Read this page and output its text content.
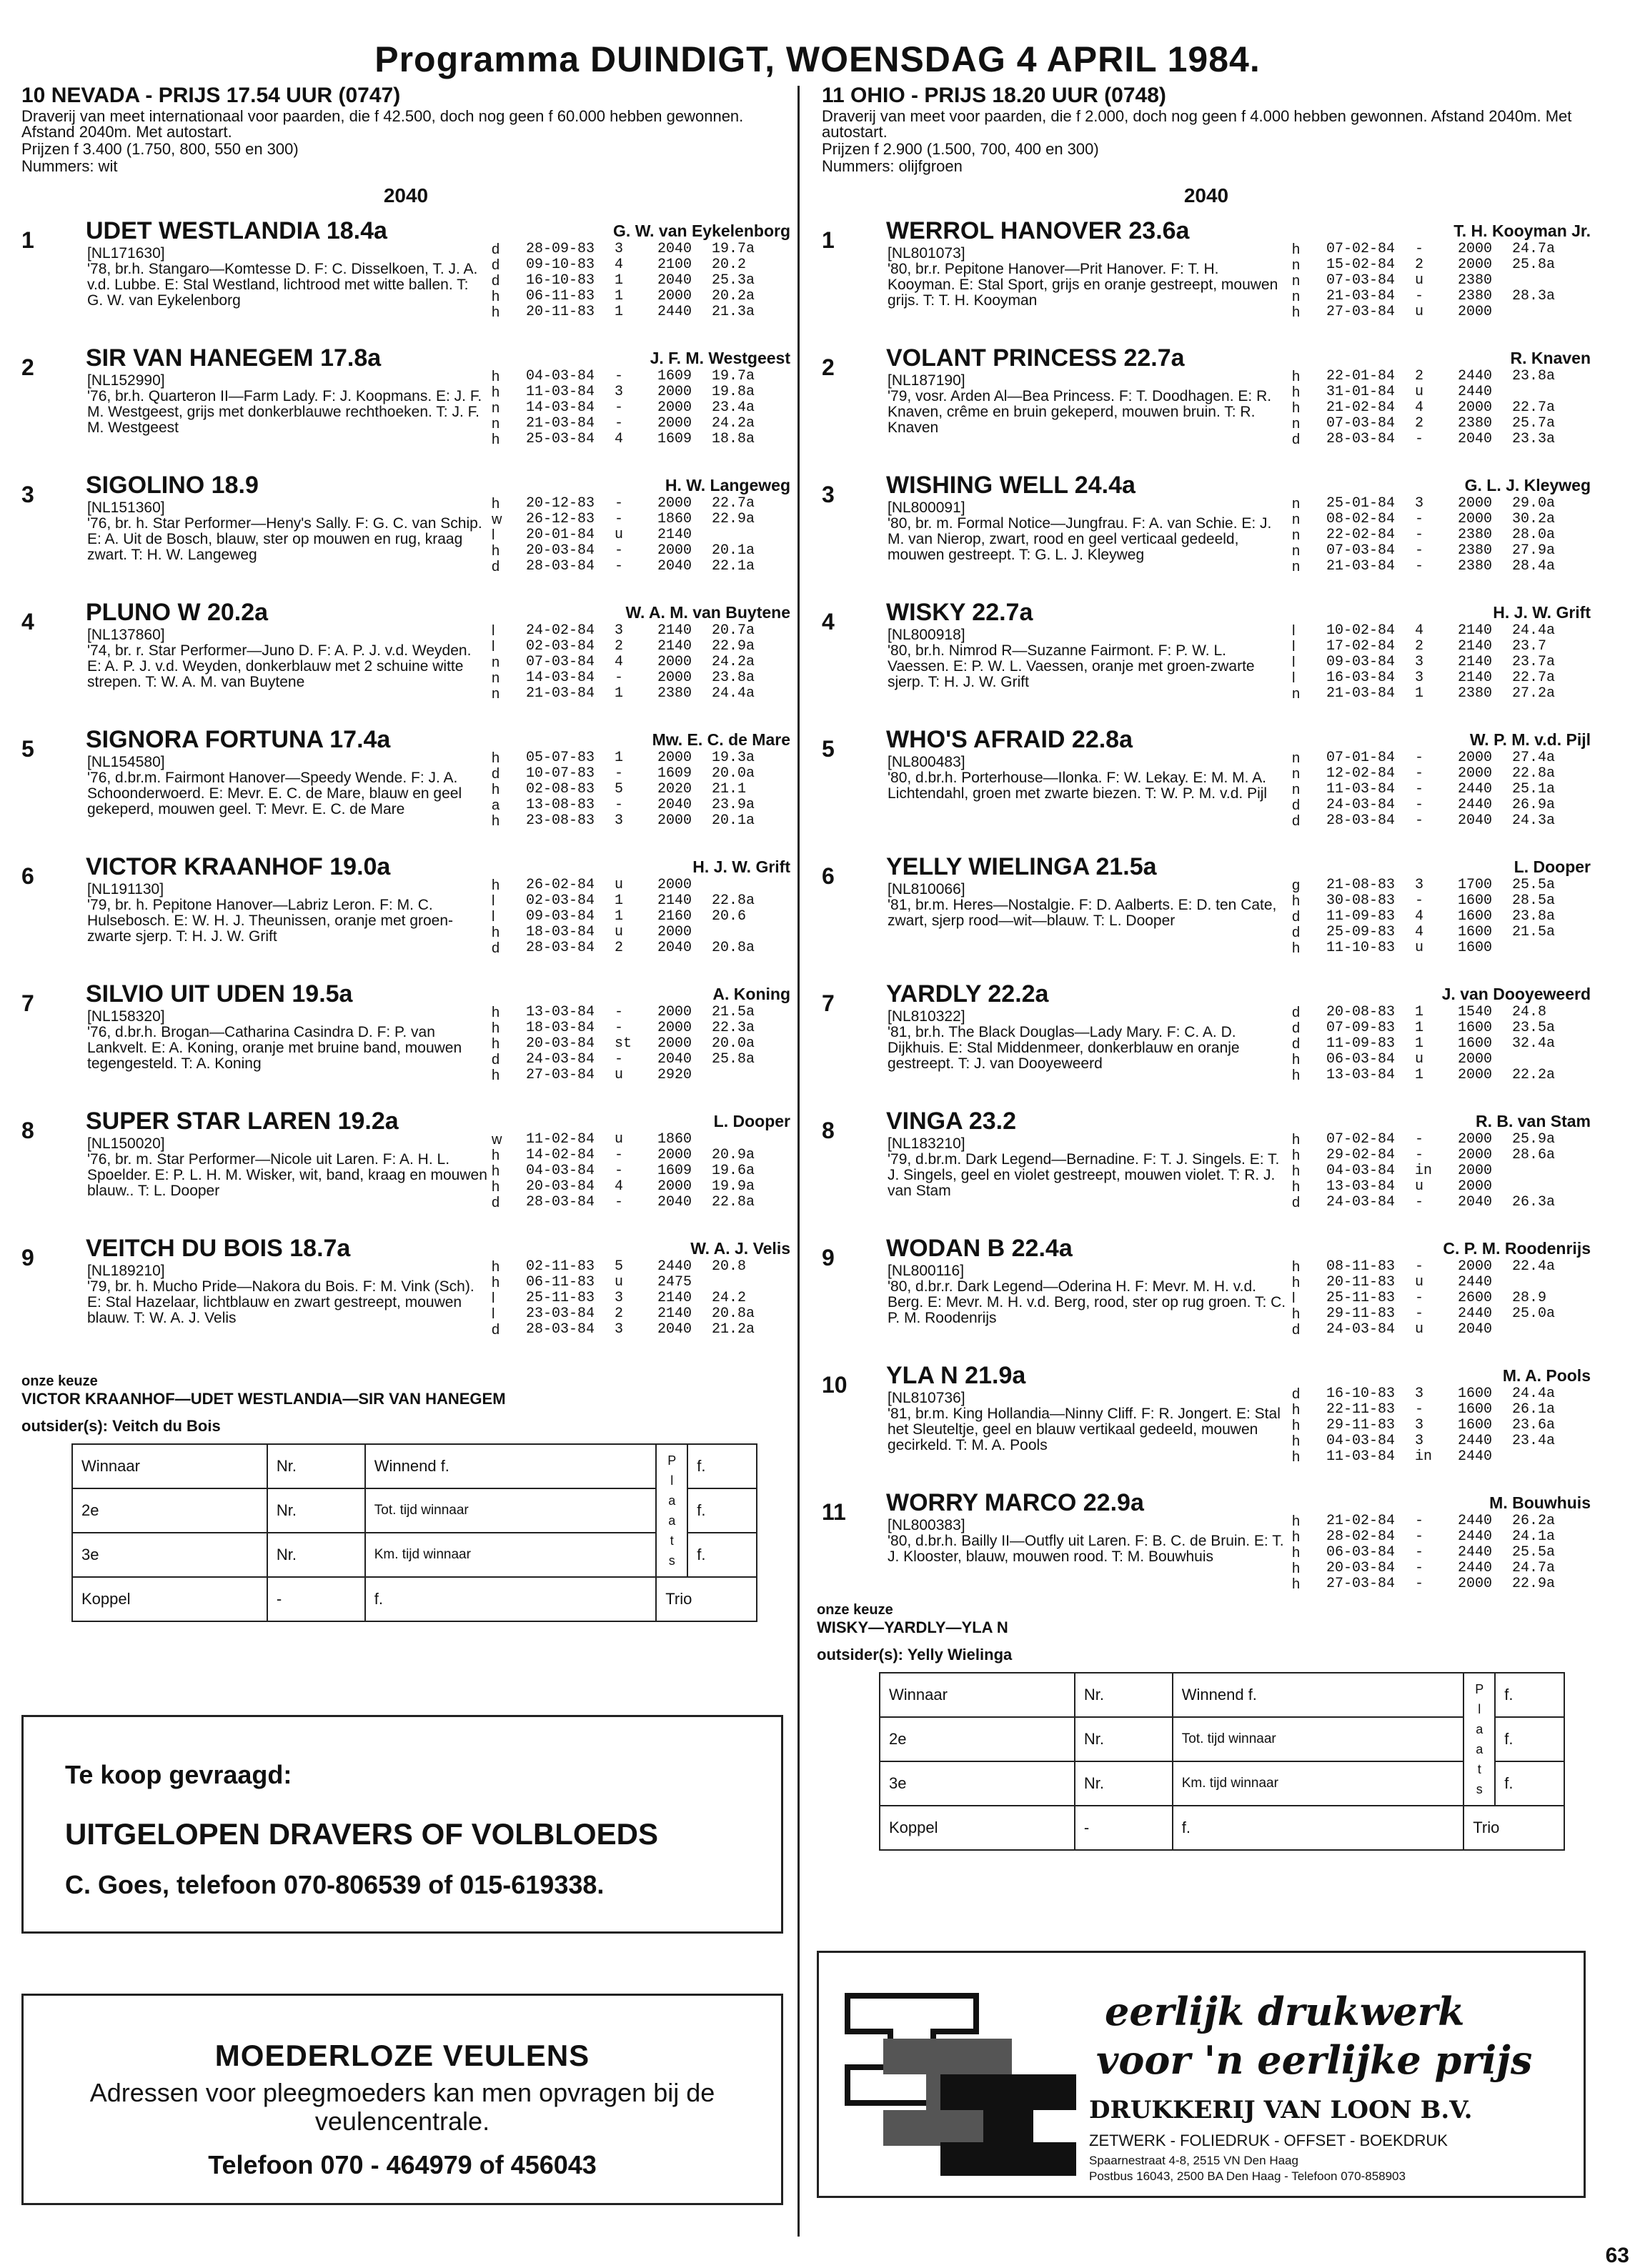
Programma DUINDIGT, WOENSDAG 4 APRIL 1984.
10 NEVADA - PRIJS 17.54 UUR (0747)
Draverij van meet internationaal voor paarden, die f 42.500, doch nog geen f 60.000 hebben gewonnen. Afstand 2040m. Met autostart.
Prijzen f 3.400 (1.750, 800, 550 en 300)
Nummers: wit
2040
1	UDET WESTLANDIA 18.4a	G. W. van Eykelenborg
[NL171630]
'78, br.h. Stangaro—Komtesse D. F: C. Disselkoen, T. J. A. v.d. Lubbe. E: Stal Westland, lichtrood met witte ballen. T: G. W. van Eykelenborg
d	28-09-83	3	2040	19.7a
d	09-10-83	4	2100	20.2
d	16-10-83	1	2040	25.3a
h	06-11-83	1	2000	20.2a
h	20-11-83	1	2440	21.3a
2	SIR VAN HANEGEM 17.8a	J. F. M. Westgeest
[NL152990]
'76, br.h. Quarteron II—Farm Lady. F: J. Koopmans. E: J. F. M. Westgeest, grijs met donkerblauwe rechthoeken. T: J. F. M. Westgeest
h	04-03-84	-	1609	19.7a
h	11-03-84	3	2000	19.8a
n	14-03-84	-	2000	23.4a
n	21-03-84	-	2000	24.2a
h	25-03-84	4	1609	18.8a
3	SIGOLINO 18.9	H. W. Langeweg
[NL151360]
'76, br. h. Star Performer—Heny's Sally. F: G. C. van Schip. E: A. Uit de Bosch, blauw, ster op mouwen en rug, kraag zwart. T: H. W. Langeweg
h	20-12-83	-	2000	22.7a
w	26-12-83	-	1860	22.9a
l	20-01-84	u	2140
h	20-03-84	-	2000	20.1a
d	28-03-84	-	2040	22.1a
4	PLUNO W 20.2a	W. A. M. van Buytene
[NL137860]
'74, br. r. Star Performer—Juno D. F: A. P. J. v.d. Weyden. E: A. P. J. v.d. Weyden, donkerblauw met 2 schuine witte strepen. T: W. A. M. van Buytene
l	24-02-84	3	2140	20.7a
l	02-03-84	2	2140	22.9a
n	07-03-84	4	2000	24.2a
n	14-03-84	-	2000	23.8a
n	21-03-84	1	2380	24.4a
5	SIGNORA FORTUNA 17.4a	Mw. E. C. de Mare
[NL154580]
'76, d.br.m. Fairmont Hanover—Speedy Wende. F: J. A. Schoonderwoerd. E: Mevr. E. C. de Mare, blauw en geel gekeperd, mouwen geel. T: Mevr. E. C. de Mare
h	05-07-83	1	2000	19.3a
d	10-07-83	-	1609	20.0a
h	02-08-83	5	2020	21.1
a	13-08-83	-	2040	23.9a
h	23-08-83	3	2000	20.1a
6	VICTOR KRAANHOF 19.0a	H. J. W. Grift
[NL191130]
'79, br. h. Pepitone Hanover—Labriz Leron. F: M. C. Hulsebosch. E: W. H. J. Theunissen, oranje met groen-zwarte sjerp. T: H. J. W. Grift
h	26-02-84	u	2000
l	02-03-84	1	2140	22.8a
l	09-03-84	1	2160	20.6
h	18-03-84	u	2000
d	28-03-84	2	2040	20.8a
7	SILVIO UIT UDEN 19.5a	A. Koning
[NL158320]
'76, d.br.h. Brogan—Catharina Casindra D. F: P. van Lankvelt. E: A. Koning, oranje met bruine band, mouwen tegengesteld. T: A. Koning
h	13-03-84	-	2000	21.5a
h	18-03-84	-	2000	22.3a
h	20-03-84	st	2000	20.0a
d	24-03-84	-	2040	25.8a
h	27-03-84	u	2920
8	SUPER STAR LAREN 19.2a	L. Dooper
[NL150020]
'76, br. m. Star Performer—Nicole uit Laren. F: A. H. L. Spoelder. E: P. L. H. M. Wisker, wit, band, kraag en mouwen blauw.. T: L. Dooper
w	11-02-84	u	1860
h	14-02-84	-	2000	20.9a
h	04-03-84	-	1609	19.6a
h	20-03-84	4	2000	19.9a
d	28-03-84	-	2040	22.8a
9	VEITCH DU BOIS 18.7a	W. A. J. Velis
[NL189210]
'79, br. h. Mucho Pride—Nakora du Bois. F: M. Vink (Sch). E: Stal Hazelaar, lichtblauw en zwart gestreept, mouwen blauw. T: W. A. J. Velis
h	02-11-83	5	2440	20.8
h	06-11-83	u	2475
l	25-11-83	3	2140	24.2
l	23-03-84	2	2140	20.8a
d	28-03-84	3	2040	21.2a
11 OHIO - PRIJS 18.20 UUR (0748)
Draverij van meet voor paarden, die f 2.000, doch nog geen f 4.000 hebben gewonnen. Afstand 2040m. Met autostart.
Prijzen f 2.900 (1.500, 700, 400 en 300)
Nummers: olijfgroen
2040
1	WERROL HANOVER 23.6a	T. H. Kooyman Jr.
[NL801073]
'80, br.r. Pepitone Hanover—Prit Hanover. F: T. H. Kooyman. E: Stal Sport, grijs en oranje gestreept, mouwen grijs. T: T. H. Kooyman
h	07-02-84	-	2000	24.7a
n	15-02-84	2	2000	25.8a
n	07-03-84	u	2380
n	21-03-84	-	2380	28.3a
h	27-03-84	u	2000
2	VOLANT PRINCESS 22.7a	R. Knaven
[NL187190]
'79, vosr. Arden Al—Bea Princess. F: T. Doodhagen. E: R. Knaven, crême en bruin gekeperd, mouwen bruin. T: R. Knaven
h	22-01-84	2	2440	23.8a
h	31-01-84	u	2440
h	21-02-84	4	2000	22.7a
n	07-03-84	2	2380	25.7a
d	28-03-84	-	2040	23.3a
3	WISHING WELL 24.4a	G. L. J. Kleyweg
[NL800091]
'80, br. m. Formal Notice—Jungfrau. F: A. van Schie. E: J. M. van Nierop, zwart, rood en geel verticaal gedeeld, mouwen gestreept. T: G. L. J. Kleyweg
n	25-01-84	3	2000	29.0a
n	08-02-84	-	2000	30.2a
n	22-02-84	-	2380	28.0a
n	07-03-84	-	2380	27.9a
n	21-03-84	-	2380	28.4a
4	WISKY 22.7a	H. J. W. Grift
[NL800918]
'80, br.h. Nimrod R—Suzanne Fairmont. F: P. W. L. Vaessen. E: P. W. L. Vaessen, oranje met groen-zwarte sjerp. T: H. J. W. Grift
l	10-02-84	4	2140	24.4a
l	17-02-84	2	2140	23.7
l	09-03-84	3	2140	23.7a
l	16-03-84	3	2140	22.7a
n	21-03-84	1	2380	27.2a
5	WHO'S AFRAID 22.8a	W. P. M. v.d. Pijl
[NL800483]
'80, d.br.h. Porterhouse—Ilonka. F: W. Lekay. E: M. M. A. Lichtendahl, groen met zwarte biezen. T: W. P. M. v.d. Pijl
n	07-01-84	-	2000	27.4a
n	12-02-84	-	2000	22.8a
n	11-03-84	-	2440	25.1a
d	24-03-84	-	2440	26.9a
d	28-03-84	-	2040	24.3a
6	YELLY WIELINGA 21.5a	L. Dooper
[NL810066]
'81, br.m. Heres—Nostalgie. F: D. Aalberts. E: D. ten Cate, zwart, sjerp rood—wit—blauw. T: L. Dooper
g	21-08-83	3	1700	25.5a
h	30-08-83	-	1600	28.5a
d	11-09-83	4	1600	23.8a
d	25-09-83	4	1600	21.5a
h	11-10-83	u	1600
7	YARDLY 22.2a	J. van Dooyeweerd
[NL810322]
'81, br.h. The Black Douglas—Lady Mary. F: C. A. D. Dijkhuis. E: Stal Middenmeer, donkerblauw en oranje gestreept. T: J. van Dooyeweerd
d	20-08-83	1	1540	24.8
d	07-09-83	1	1600	23.5a
d	11-09-83	1	1600	32.4a
h	06-03-84	u	2000
h	13-03-84	1	2000	22.2a
8	VINGA 23.2	R. B. van Stam
[NL183210]
'79, d.br.m. Dark Legend—Bernadine. F: T. J. Singels. E: T. J. Singels, geel en violet gestreept, mouwen violet. T: R. J. van Stam
h	07-02-84	-	2000	25.9a
h	29-02-84	-	2000	28.6a
h	04-03-84	in	2000
h	13-03-84	u	2000
d	24-03-84	-	2040	26.3a
9	WODAN B 22.4a	C. P. M. Roodenrijs
[NL800116]
'80, d.br.r. Dark Legend—Oderina H. F: Mevr. M. H. v.d. Berg. E: Mevr. M. H. v.d. Berg, rood, ster op rug groen. T: C. P. M. Roodenrijs
h	08-11-83	-	2000	22.4a
h	20-11-83	u	2440
l	25-11-83	-	2600	28.9
h	29-11-83	-	2440	25.0a
d	24-03-84	u	2040
10	YLA N 21.9a	M. A. Pools
[NL810736]
'81, br.m. King Hollandia—Ninny Cliff. F: R. Jongert. E: Stal het Sleuteltje, geel en blauw vertikaal gedeeld, mouwen gecirkeld. T: M. A. Pools
d	16-10-83	3	1600	24.4a
h	22-11-83	-	1600	26.1a
h	29-11-83	3	1600	23.6a
h	04-03-84	3	2440	23.4a
h	11-03-84	in	2440
11	WORRY MARCO 22.9a	M. Bouwhuis
[NL800383]
'80, d.br.h. Bailly II—Outfly uit Laren. F: B. C. de Bruin. E: T. J. Klooster, blauw, mouwen rood. T: M. Bouwhuis
h	21-02-84	-	2440	26.2a
h	28-02-84	-	2440	24.1a
h	06-03-84	-	2440	25.5a
h	20-03-84	-	2440	24.7a
h	27-03-84	-	2000	22.9a
Te koop gevraagd:
UITGELOPEN DRAVERS OF VOLBLOEDS
C. Goes, telefoon 070-806539 of 015-619338.
MOEDERLOZE VEULENS
Adressen voor pleegmoeders kan men opvragen bij de veulencentrale.
Telefoon 070 - 464979 of 456043
eerlijk drukwerk
voor 'n eerlijke prijs
DRUKKERIJ VAN LOON B.V.
ZETWERK - FOLIEDRUK - OFFSET - BOEKDRUK
Spaarnestraat 4-8, 2515 VN Den Haag
Postbus 16043, 2500 BA Den Haag - Telefoon 070-858903
63
onze keuze
VICTOR KRAANHOF—UDET WESTLANDIA—SIR VAN HANEGEM
outsider(s): Veitch du Bois
Winnaar	Nr.	Winnend f.	P l a a t s	f.
2e	Nr.	Tot. tijd winnaar		f.
3e	Nr.	Km. tijd winnaar		f.
Koppel	-	f.	Trio	
onze keuze
WISKY—YARDLY—YLA N
outsider(s): Yelly Wielinga
Winnaar	Nr.	Winnend f.	P l a a t s	f.
2e	Nr.	Tot. tijd winnaar		f.
3e	Nr.	Km. tijd winnaar		f.
Koppel	-	f.	Trio	
